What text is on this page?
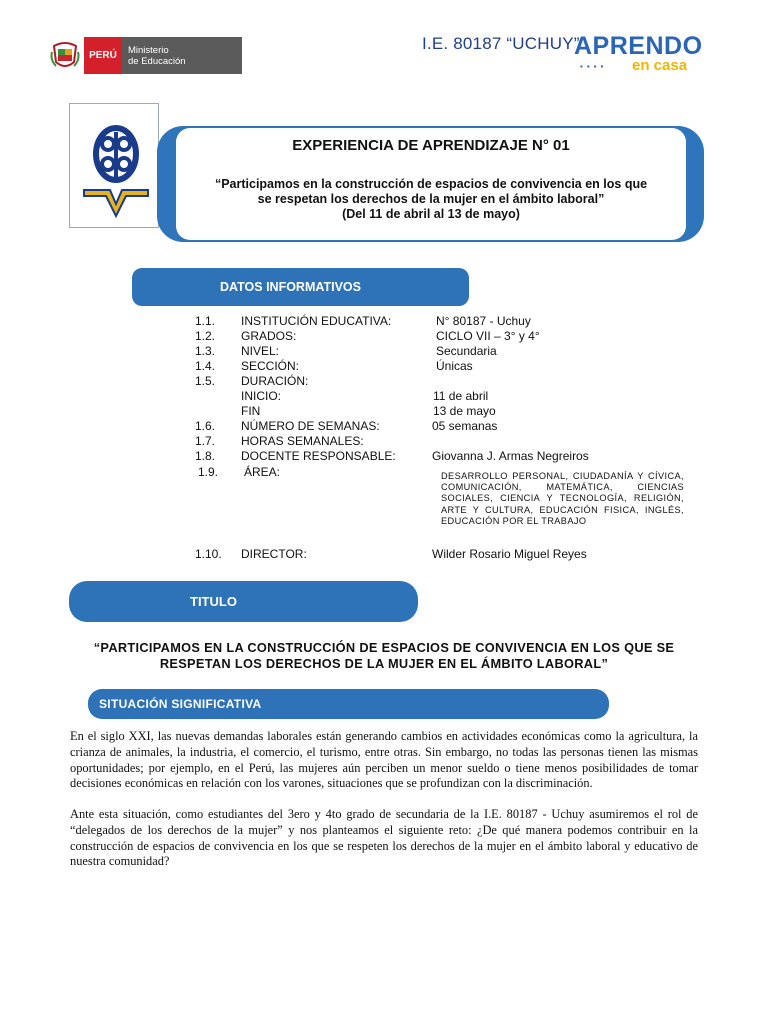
PERÚ	Ministerio
de Educación
I.E. 80187 “UCHUY”
APRENDO
▪▪▪▪ en casa
EXPERIENCIA DE APRENDIZAJE N° 01
“Participamos en la construcción de espacios de convivencia en los que
se respetan los derechos de la mujer en el ámbito laboral”
(Del 11 de abril al 13 de mayo)
DATOS INFORMATIVOS
1.1. INSTITUCIÓN EDUCATIVA:	N° 80187 - Uchuy
1.2. GRADOS:	CICLO VII – 3° y 4°
1.3. NIVEL:	Secundaria
1.4. SECCIÓN:	Únicas
1.5. DURACIÓN:
INICIO:	11 de abril
FIN	13 de mayo
1.6. NÚMERO DE SEMANAS:	05 semanas
1.7. HORAS SEMANALES:
1.8. DOCENTE RESPONSABLE:	Giovanna J. Armas Negreiros
1.9. ÁREA:	DESARROLLO PERSONAL, CIUDADANÍA Y CÍVICA, COMUNICACIÓN, MATEMÁTICA, CIENCIAS SOCIALES, CIENCIA Y TECNOLOGÍA, RELIGIÓN, ARTE Y CULTURA, EDUCACIÓN FISICA, INGLÉS, EDUCACIÓN POR EL TRABAJO
1.10. DIRECTOR:	Wilder Rosario Miguel Reyes
TITULO
“PARTICIPAMOS EN LA CONSTRUCCIÓN DE ESPACIOS DE CONVIVENCIA EN LOS QUE SE
RESPETAN LOS DERECHOS DE LA MUJER EN EL ÁMBITO LABORAL”
SITUACIÓN SIGNIFICATIVA
En el siglo XXI, las nuevas demandas laborales están generando cambios en actividades económicas como la agricultura, la crianza de animales, la industria, el comercio, el turismo, entre otras. Sin embargo, no todas las personas tienen las mismas oportunidades; por ejemplo, en el Perú, las mujeres aún perciben un menor sueldo o tiene menos posibilidades de tomar decisiones económicas en relación con los varones, situaciones que se profundizan con la discriminación.
Ante esta situación, como estudiantes del 3ero y 4to grado de secundaria de la I.E. 80187 - Uchuy asumiremos el rol de “delegados de los derechos de la mujer” y nos planteamos el siguiente reto: ¿De qué manera podemos contribuir en la construcción de espacios de convivencia en los que se respeten los derechos de la mujer en el ámbito laboral y educativo de nuestra comunidad?
